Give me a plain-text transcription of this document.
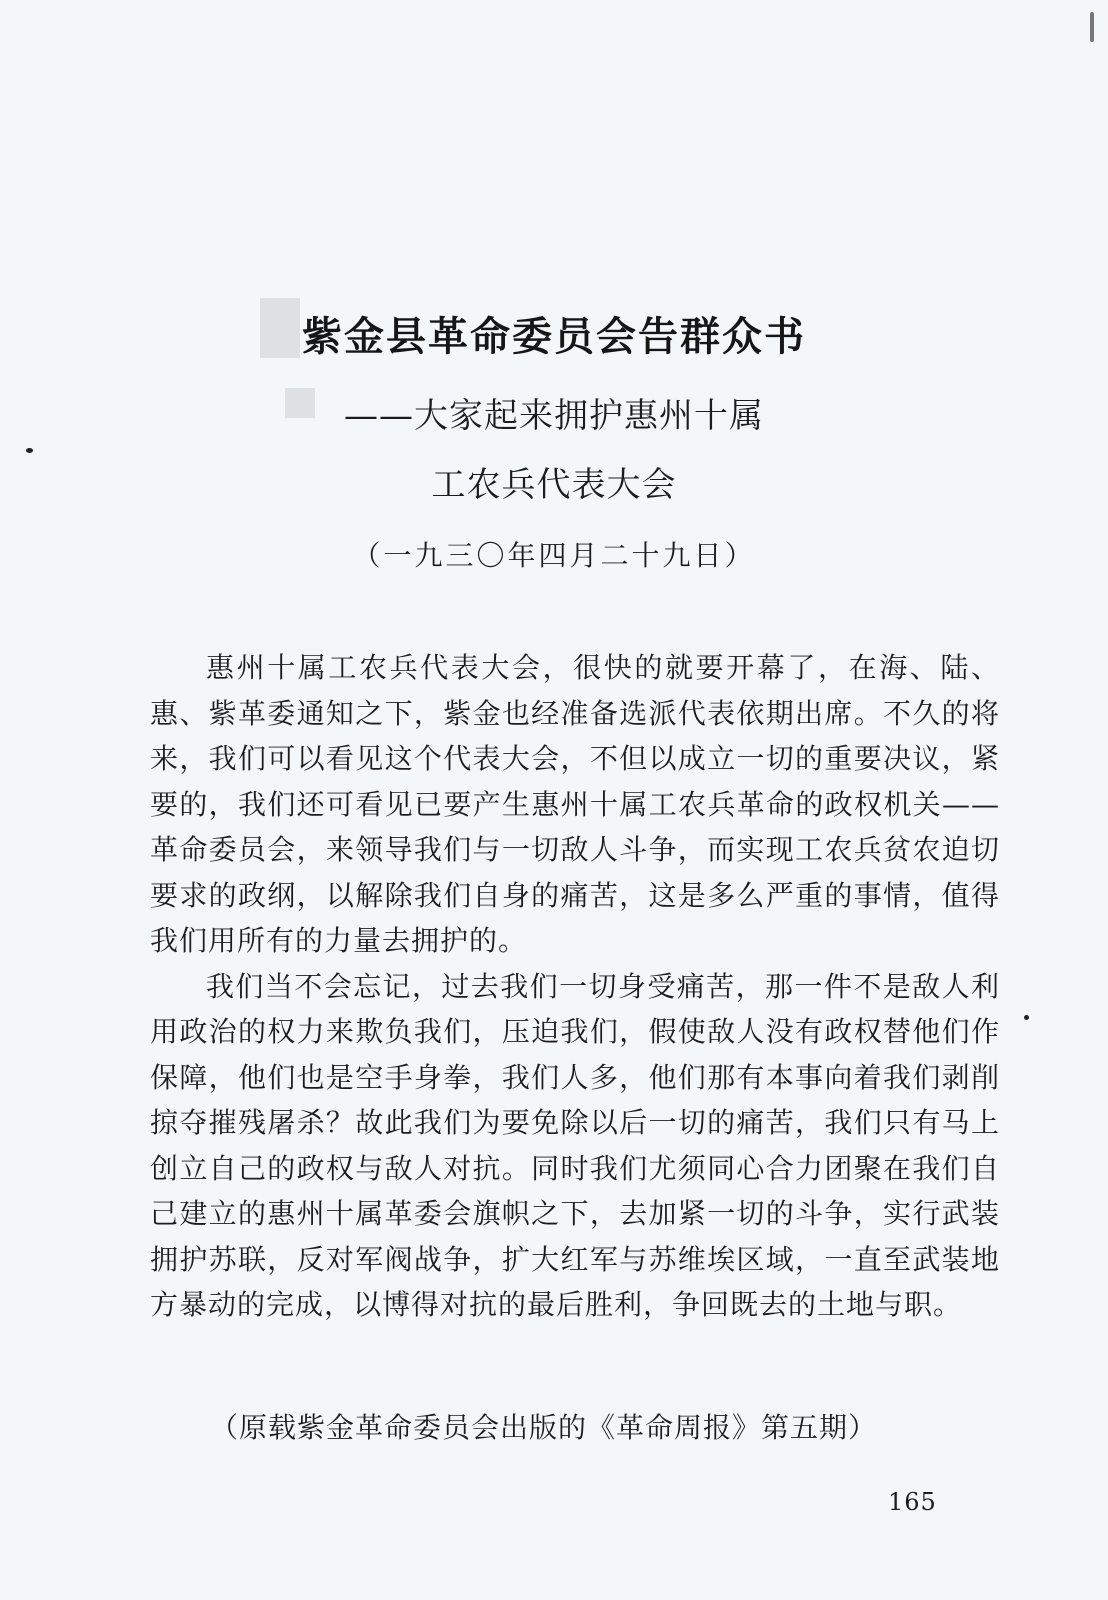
紫金县革命委员会告群众书
——大家起来拥护惠州十属
工农兵代表大会
（一九三〇年四月二十九日）

惠州十属工农兵代表大会，很快的就要开幕了，在海、陆、惠、紫革委通知之下，紫金也经准备选派代表依期出席。不久的将来，我们可以看见这个代表大会，不但以成立一切的重要决议，紧要的，我们还可看见已要产生惠州十属工农兵革命的政权机关——革命委员会，来领导我们与一切敌人斗争，而实现工农兵贫农迫切要求的政纲，以解除我们自身的痛苦，这是多么严重的事情，值得我们用所有的力量去拥护的。

我们当不会忘记，过去我们一切身受痛苦，那一件不是敌人利用政治的权力来欺负我们，压迫我们，假使敌人没有政权替他们作保障，他们也是空手身拳，我们人多，他们那有本事向着我们剥削掠夺摧残屠杀？故此我们为要免除以后一切的痛苦，我们只有马上创立自己的政权与敌人对抗。同时我们尤须同心合力团聚在我们自己建立的惠州十属革委会旗帜之下，去加紧一切的斗争，实行武装拥护苏联，反对军阀战争，扩大红军与苏维埃区域，一直至武装地方暴动的完成，以博得对抗的最后胜利，争回既去的土地与职。

（原载紫金革命委员会出版的《革命周报》第五期）
165
